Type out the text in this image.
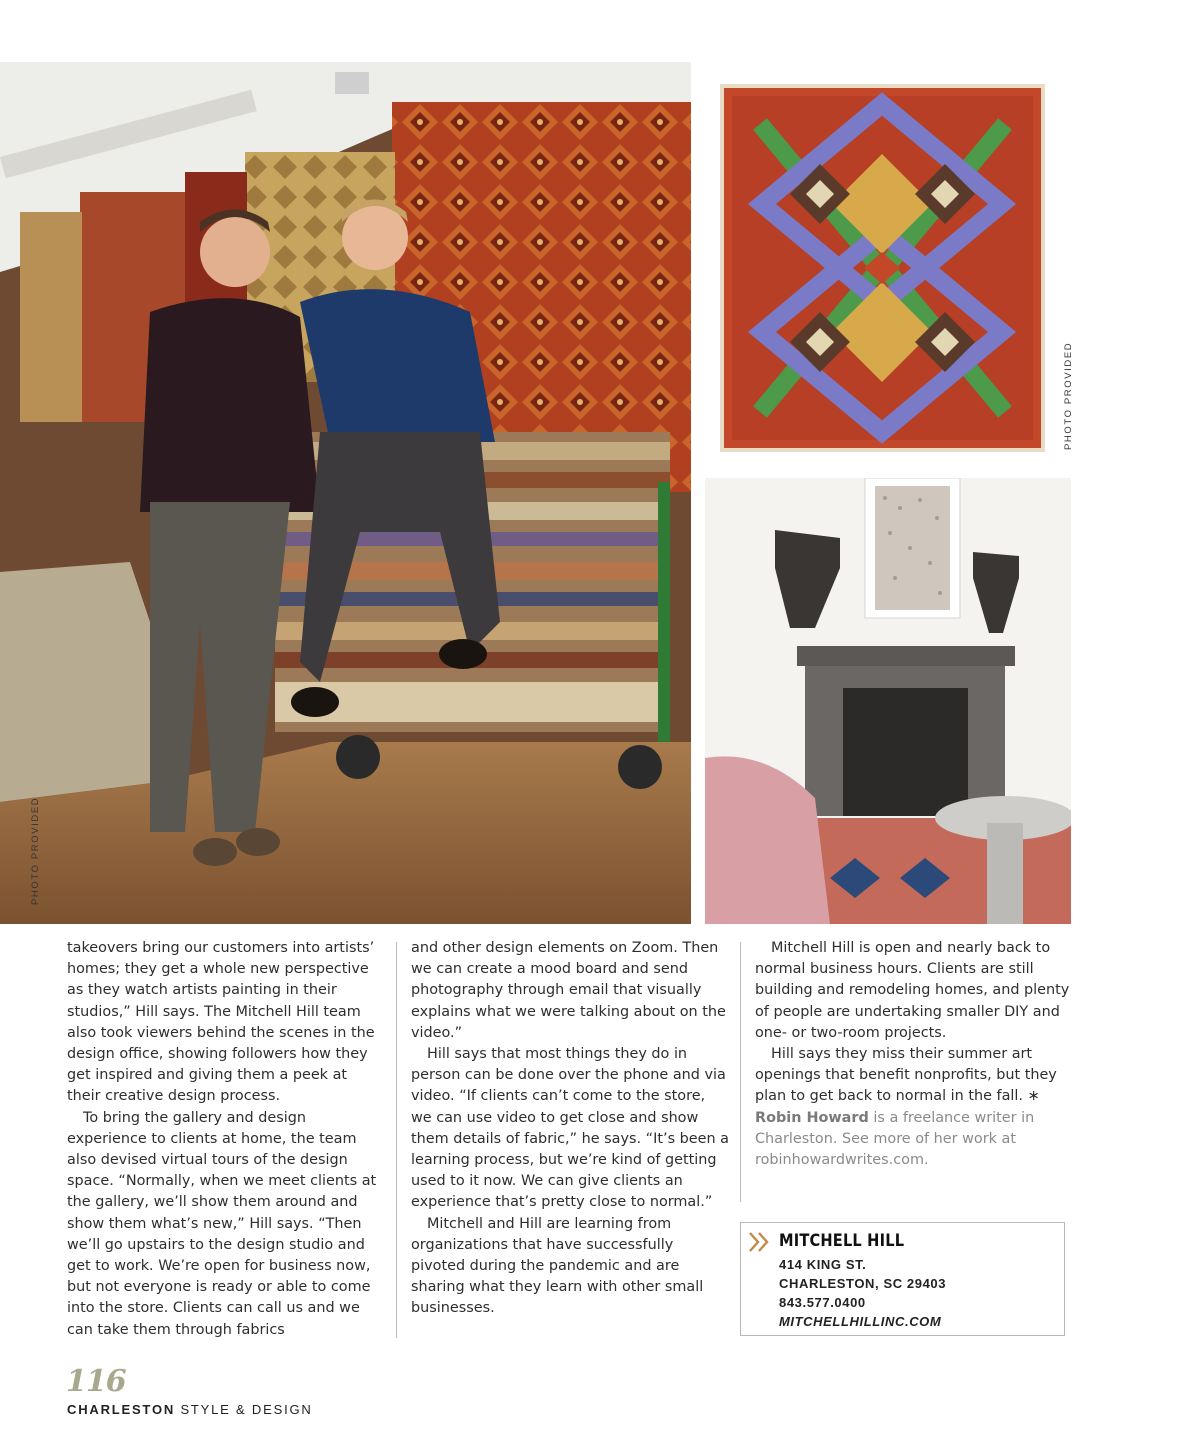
PHOTO PROVIDED
PHOTO PROVIDED

takeovers bring our customers into artists’ homes; they get a whole new perspective as they watch artists painting in their studios,” Hill says. The Mitchell Hill team also took viewers behind the scenes in the design office, showing followers how they get inspired and giving them a peek at their creative design process.

To bring the gallery and design experience to clients at home, the team also devised virtual tours of the design space. “Normally, when we meet clients at the gallery, we’ll show them around and show them what’s new,” Hill says. “Then we’ll go upstairs to the design studio and get to work. We’re open for business now, but not everyone is ready or able to come into the store. Clients can call us and we can take them through fabrics

and other design elements on Zoom. Then we can create a mood board and send photography through email that visually explains what we were talking about on the video.”

Hill says that most things they do in person can be done over the phone and via video. “If clients can’t come to the store, we can use video to get close and show them details of fabric,” he says. “It’s been a learning process, but we’re kind of getting used to it now. We can give clients an experience that’s pretty close to normal.”

Mitchell and Hill are learning from organizations that have successfully pivoted during the pandemic and are sharing what they learn with other small businesses.

Mitchell Hill is open and nearly back to normal business hours. Clients are still building and remodeling homes, and plenty of people are undertaking smaller DIY and one- or two-room projects.

Hill says they miss their summer art openings that benefit nonprofits, but they plan to get back to normal in the fall. ∗

Robin Howard is a freelance writer in Charleston. See more of her work at robinhowardwrites.com.

MITCHELL HILL
414 KING ST.
CHARLESTON, SC 29403
843.577.0400
MITCHELLHILLINC.COM
116
CHARLESTON STYLE & DESIGN
